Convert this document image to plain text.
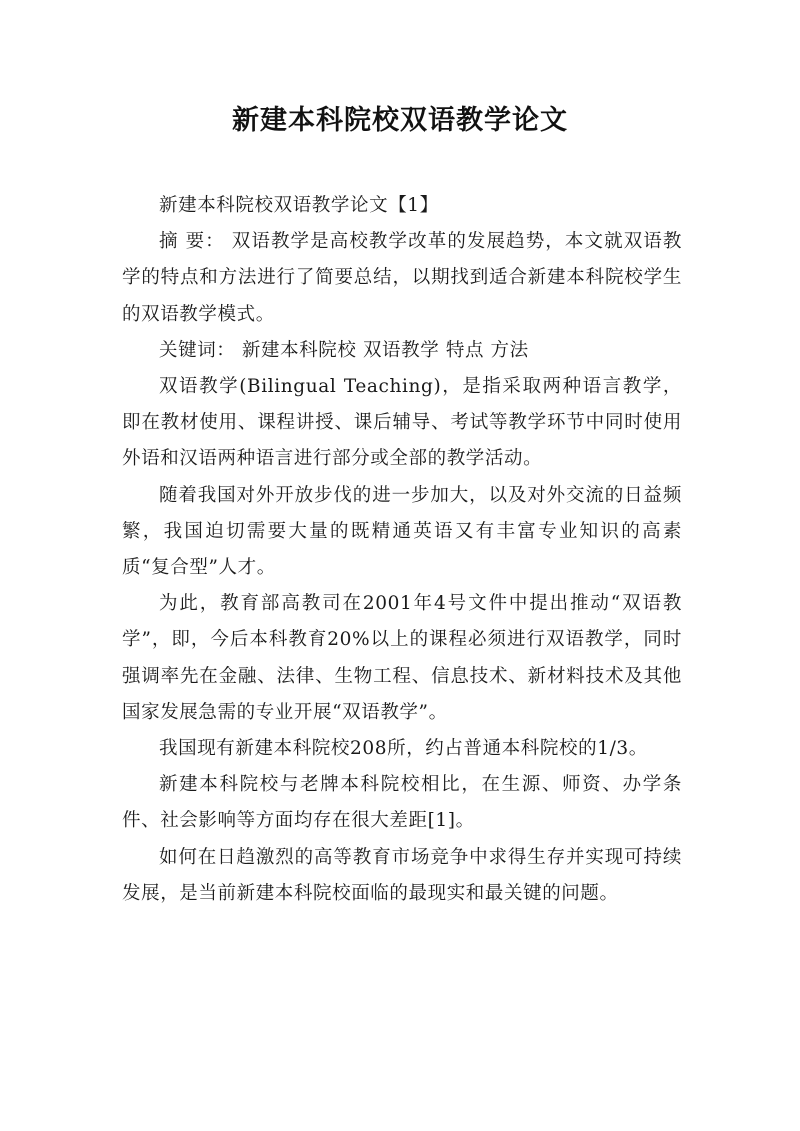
新建本科院校双语教学论文

新建本科院校双语教学论文【1】

摘 要： 双语教学是高校教学改革的发展趋势，本文就双语教学的特点和方法进行了简要总结，以期找到适合新建本科院校学生的双语教学模式。

关键词： 新建本科院校 双语教学 特点 方法

双语教学(Bilingual Teaching)，是指采取两种语言教学，即在教材使用、课程讲授、课后辅导、考试等教学环节中同时使用外语和汉语两种语言进行部分或全部的教学活动。

随着我国对外开放步伐的进一步加大，以及对外交流的日益频繁，我国迫切需要大量的既精通英语又有丰富专业知识的高素质“复合型”人才。

为此，教育部高教司在2001年4号文件中提出推动“双语教学”，即，今后本科教育20%以上的课程必须进行双语教学，同时强调率先在金融、法律、生物工程、信息技术、新材料技术及其他国家发展急需的专业开展“双语教学”。

我国现有新建本科院校208所，约占普通本科院校的1/3。

新建本科院校与老牌本科院校相比，在生源、师资、办学条件、社会影响等方面均存在很大差距[1]。

如何在日趋激烈的高等教育市场竞争中求得生存并实现可持续发展，是当前新建本科院校面临的最现实和最关键的问题。
